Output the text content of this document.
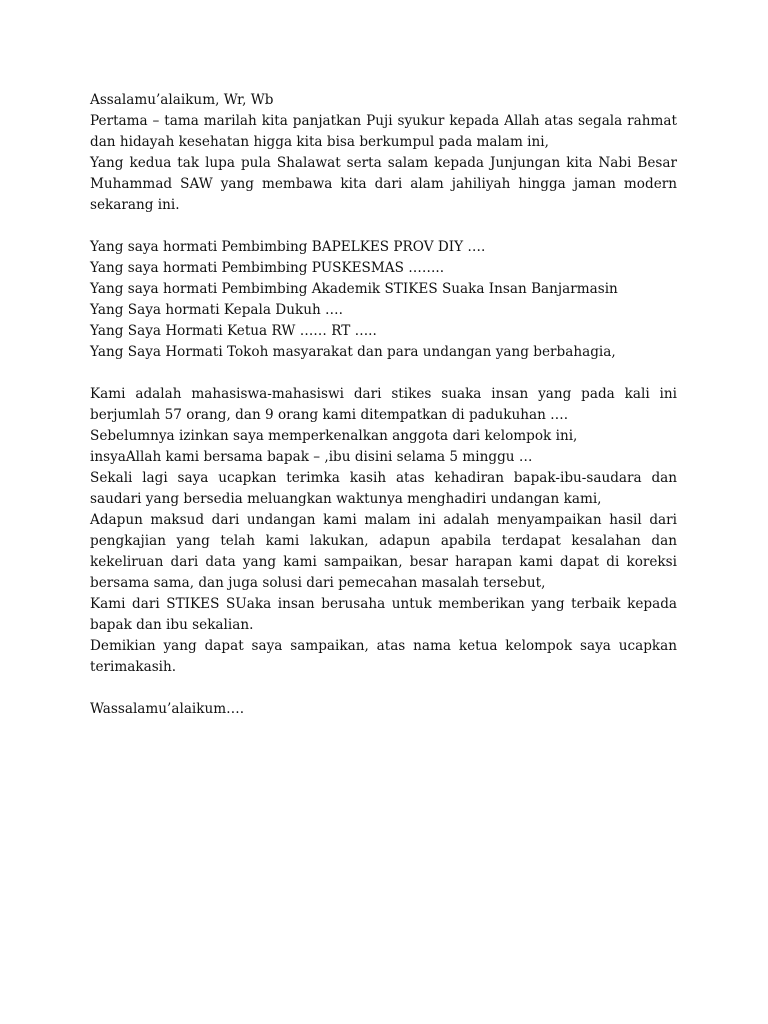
Assalamu’alaikum, Wr, Wb
Pertama – tama marilah kita panjatkan Puji syukur kepada Allah atas segala rahmat dan hidayah kesehatan higga kita bisa berkumpul pada malam ini,
Yang kedua tak lupa pula Shalawat serta salam kepada Junjungan kita Nabi Besar Muhammad SAW yang membawa kita dari alam jahiliyah hingga jaman modern sekarang ini.
Yang saya hormati Pembimbing BAPELKES PROV DIY ….
Yang saya hormati Pembimbing PUSKESMAS ……..
Yang saya hormati Pembimbing Akademik STIKES Suaka Insan Banjarmasin
Yang Saya hormati Kepala Dukuh ….
Yang Saya Hormati Ketua RW …… RT …..
Yang Saya Hormati Tokoh masyarakat dan para undangan yang berbahagia,
Kami adalah mahasiswa-mahasiswi dari stikes suaka insan yang pada kali ini berjumlah 57 orang, dan 9 orang kami ditempatkan di padukuhan ….
Sebelumnya izinkan saya memperkenalkan anggota dari kelompok ini,
insyaAllah kami bersama bapak – ,ibu disini selama 5 minggu …
Sekali lagi saya ucapkan terimka kasih atas kehadiran bapak-ibu-saudara dan saudari yang bersedia meluangkan waktunya menghadiri undangan kami,
Adapun maksud dari undangan kami malam ini adalah menyampaikan hasil dari pengkajian yang telah kami lakukan, adapun apabila terdapat kesalahan dan kekeliruan dari data yang kami sampaikan, besar harapan kami dapat di koreksi bersama sama, dan juga solusi dari pemecahan masalah tersebut,
Kami dari STIKES SUaka insan berusaha untuk memberikan yang terbaik kepada bapak dan ibu sekalian.
Demikian yang dapat saya sampaikan, atas nama ketua kelompok saya ucapkan terimakasih.
Wassalamu’alaikum….
